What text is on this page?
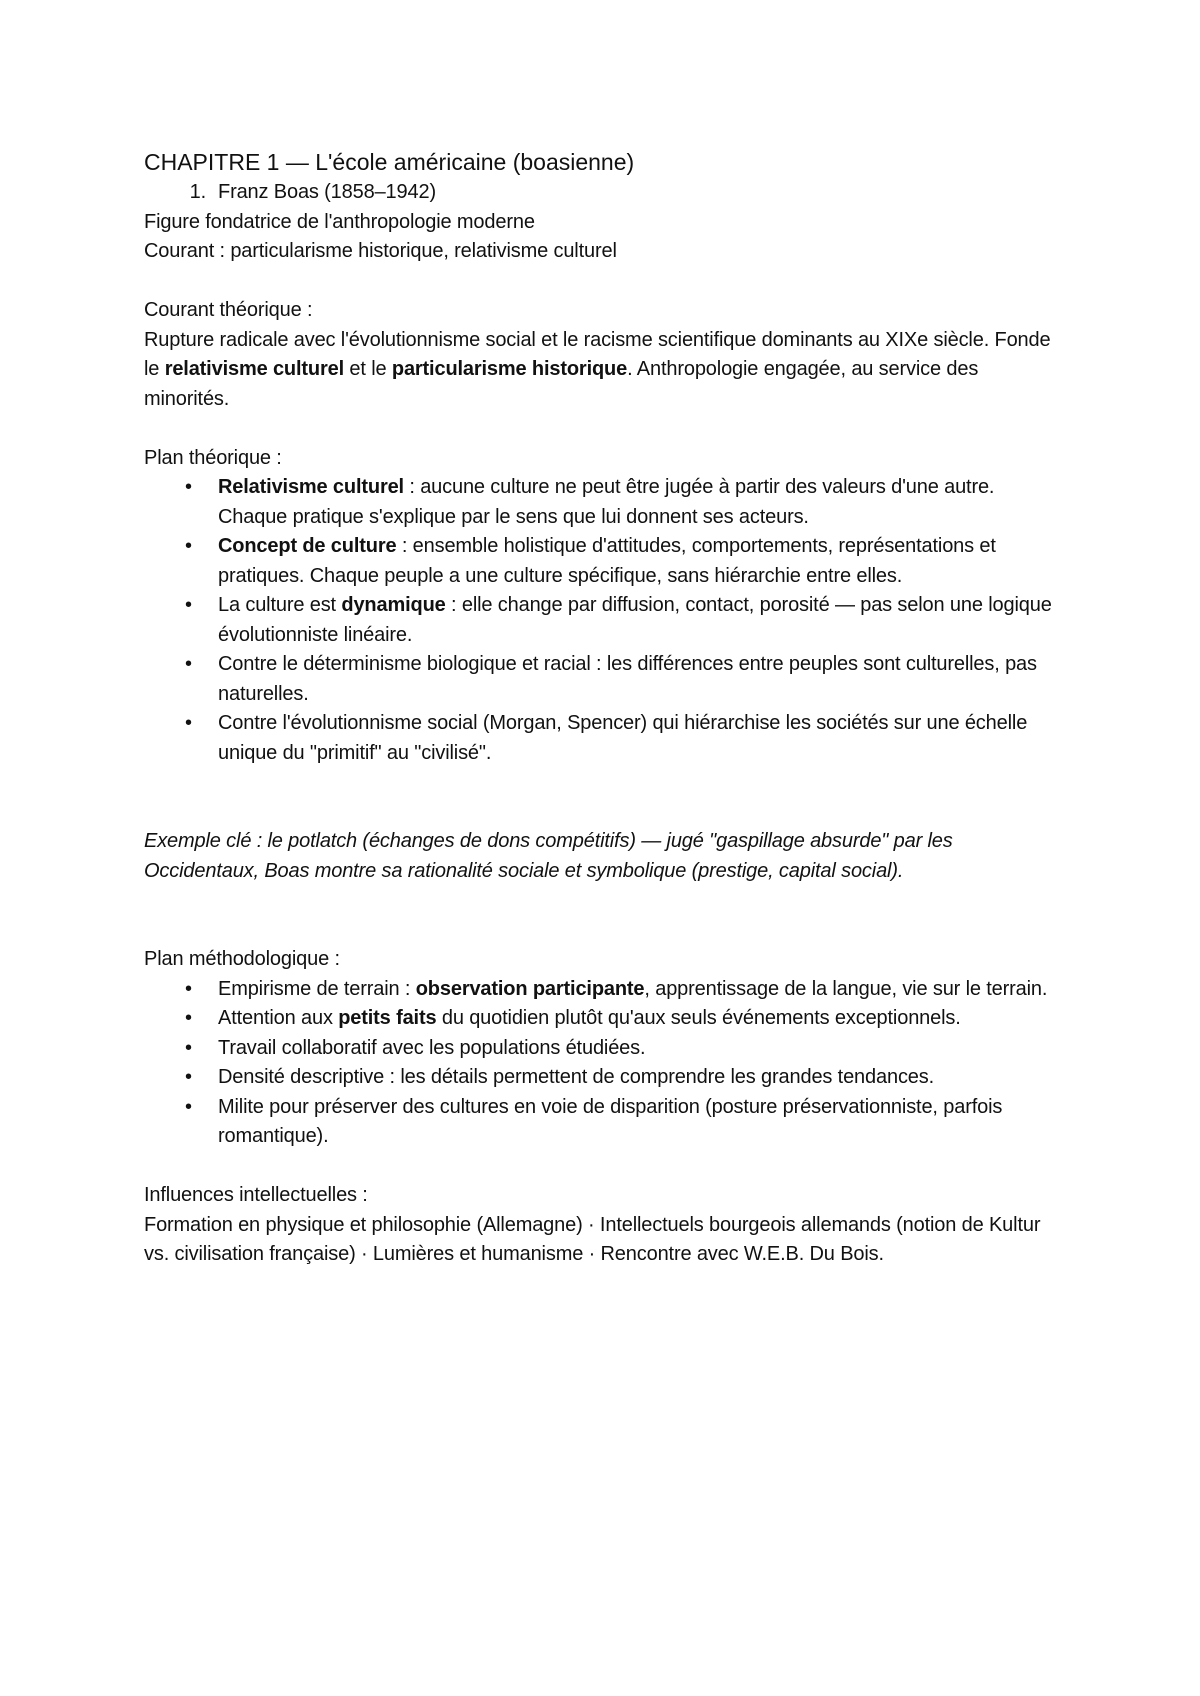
CHAPITRE 1 — L'école américaine (boasienne)

1. Franz Boas (1858–1942)

Figure fondatrice de l'anthropologie moderne

Courant : particularisme historique, relativisme culturel

Courant théorique :

Rupture radicale avec l'évolutionnisme social et le racisme scientifique dominants au XIXe siècle. Fonde le relativisme culturel et le particularisme historique. Anthropologie engagée, au service des minorités.

Plan théorique :

• Relativisme culturel : aucune culture ne peut être jugée à partir des valeurs d'une autre. Chaque pratique s'explique par le sens que lui donnent ses acteurs.
• Concept de culture : ensemble holistique d'attitudes, comportements, représentations et pratiques. Chaque peuple a une culture spécifique, sans hiérarchie entre elles.
• La culture est dynamique : elle change par diffusion, contact, porosité — pas selon une logique évolutionniste linéaire.
• Contre le déterminisme biologique et racial : les différences entre peuples sont culturelles, pas naturelles.
• Contre l'évolutionnisme social (Morgan, Spencer) qui hiérarchise les sociétés sur une échelle unique du "primitif" au "civilisé".

Exemple clé : le potlatch (échanges de dons compétitifs) — jugé "gaspillage absurde" par les Occidentaux, Boas montre sa rationalité sociale et symbolique (prestige, capital social).

Plan méthodologique :

• Empirisme de terrain : observation participante, apprentissage de la langue, vie sur le terrain.
• Attention aux petits faits du quotidien plutôt qu'aux seuls événements exceptionnels.
• Travail collaboratif avec les populations étudiées.
• Densité descriptive : les détails permettent de comprendre les grandes tendances.
• Milite pour préserver des cultures en voie de disparition (posture préservationniste, parfois romantique).

Influences intellectuelles :

Formation en physique et philosophie (Allemagne) · Intellectuels bourgeois allemands (notion de Kultur vs. civilisation française) · Lumières et humanisme · Rencontre avec W.E.B. Du Bois.
